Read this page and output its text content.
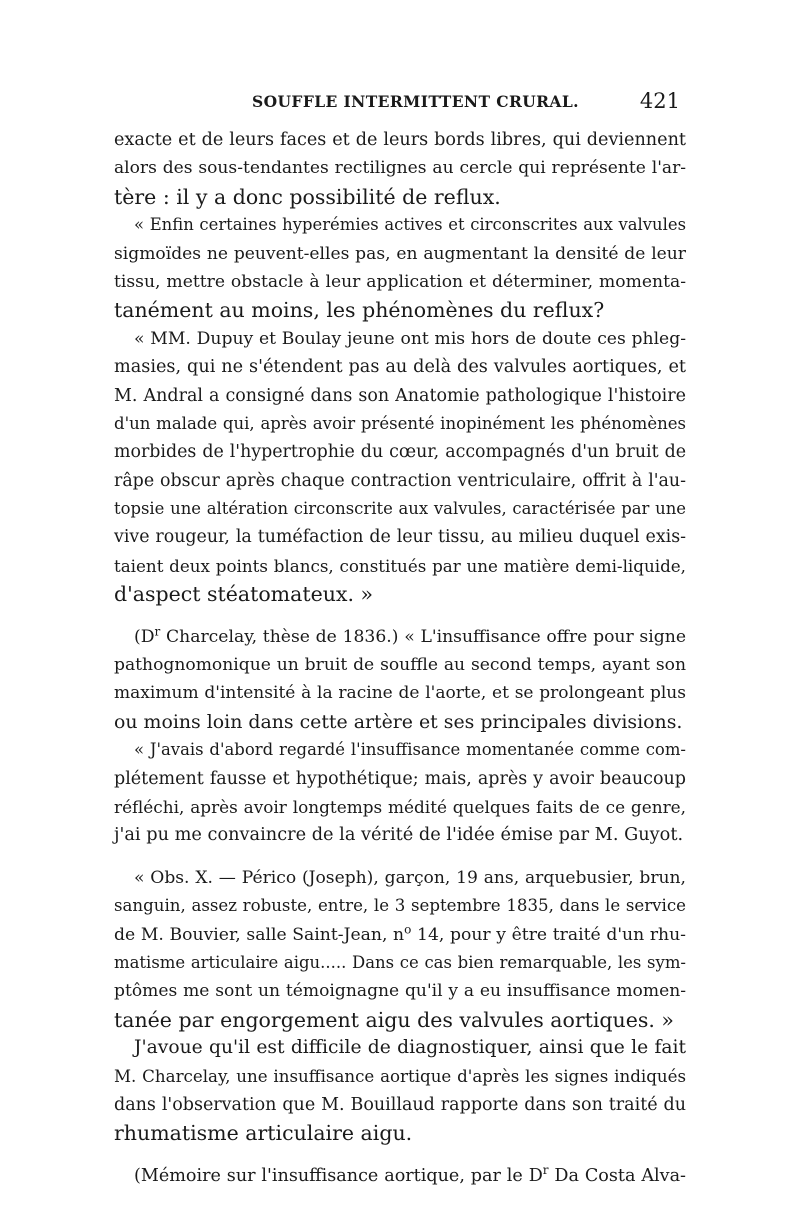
SOUFFLE INTERMITTENT CRURAL.	421
exacte et de leurs faces et de leurs bords libres, qui deviennent
alors des sous-tendantes rectilignes au cercle qui représente l'ar-
tère : il y a donc possibilité de reflux.
« Enfin certaines hyperémies actives et circonscrites aux valvules
sigmoïdes ne peuvent-elles pas, en augmentant la densité de leur
tissu, mettre obstacle à leur application et déterminer, momenta-
tanément au moins, les phénomènes du reflux?
« MM. Dupuy et Boulay jeune ont mis hors de doute ces phleg-
masies, qui ne s'étendent pas au delà des valvules aortiques, et
M. Andral a consigné dans son Anatomie pathologique l'histoire
d'un malade qui, après avoir présenté inopinément les phénomènes
morbides de l'hypertrophie du cœur, accompagnés d'un bruit de
râpe obscur après chaque contraction ventriculaire, offrit à l'au-
topsie une altération circonscrite aux valvules, caractérisée par une
vive rougeur, la tuméfaction de leur tissu, au milieu duquel exis-
taient deux points blancs, constitués par une matière demi-liquide,
d'aspect stéatomateux. »
($D^r$ Charcelay, thèse de 1836.) « L'insuffisance offre pour signe
pathognomonique un bruit de souffle au second temps, ayant son
maximum d'intensité à la racine de l'aorte, et se prolongeant plus
ou moins loin dans cette artère et ses principales divisions.
« J'avais d'abord regardé l'insuffisance momentanée comme com-
plétement fausse et hypothétique; mais, après y avoir beaucoup
réfléchi, après avoir longtemps médité quelques faits de ce genre,
j'ai pu me convaincre de la vérité de l'idée émise par M. Guyot.
« Obs. X. — Périco (Joseph), garçon, 19 ans, arquebusier, brun,
sanguin, assez robuste, entre, le 3 septembre 1835, dans le service
de M. Bouvier, salle Saint-Jean, $n^o$ 14, pour y être traité d'un rhu-
matisme articulaire aigu..... Dans ce cas bien remarquable, les sym-
ptômes me sont un témoignagne qu'il y a eu insuffisance momen-
tanée par engorgement aigu des valvules aortiques. »
J'avoue qu'il est difficile de diagnostiquer, ainsi que le fait
M. Charcelay, une insuffisance aortique d'après les signes indiqués
dans l'observation que M. Bouillaud rapporte dans son traité du
rhumatisme articulaire aigu.
(Mémoire sur l'insuffisance aortique, par le $D^r$ Da Costa Alva-
